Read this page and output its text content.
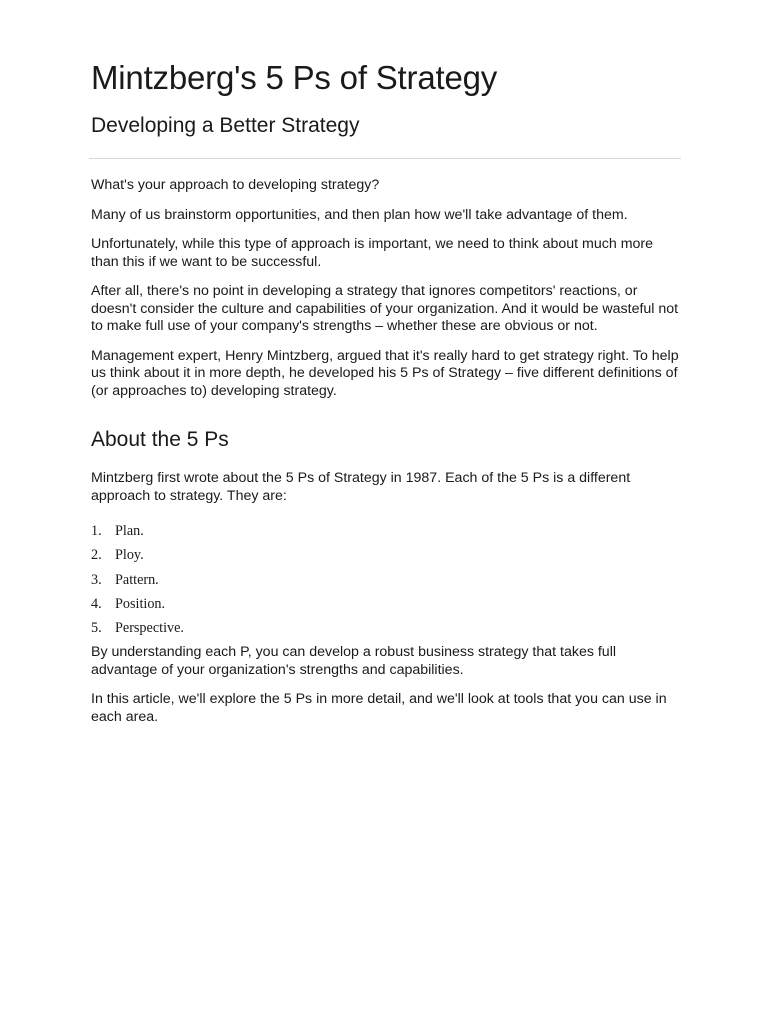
Mintzberg's 5 Ps of Strategy
Developing a Better Strategy

What's your approach to developing strategy?

Many of us brainstorm opportunities, and then plan how we'll take advantage of them.

Unfortunately, while this type of approach is important, we need to think about much more than this if we want to be successful.

After all, there's no point in developing a strategy that ignores competitors' reactions, or doesn't consider the culture and capabilities of your organization. And it would be wasteful not to make full use of your company's strengths – whether these are obvious or not.

Management expert, Henry Mintzberg, argued that it's really hard to get strategy right. To help us think about it in more depth, he developed his 5 Ps of Strategy – five different definitions of (or approaches to) developing strategy.

About the 5 Ps

Mintzberg first wrote about the 5 Ps of Strategy in 1987. Each of the 5 Ps is a different approach to strategy. They are:

1. Plan.
2. Ploy.
3. Pattern.
4. Position.
5. Perspective.

By understanding each P, you can develop a robust business strategy that takes full advantage of your organization's strengths and capabilities.

In this article, we'll explore the 5 Ps in more detail, and we'll look at tools that you can use in each area.
